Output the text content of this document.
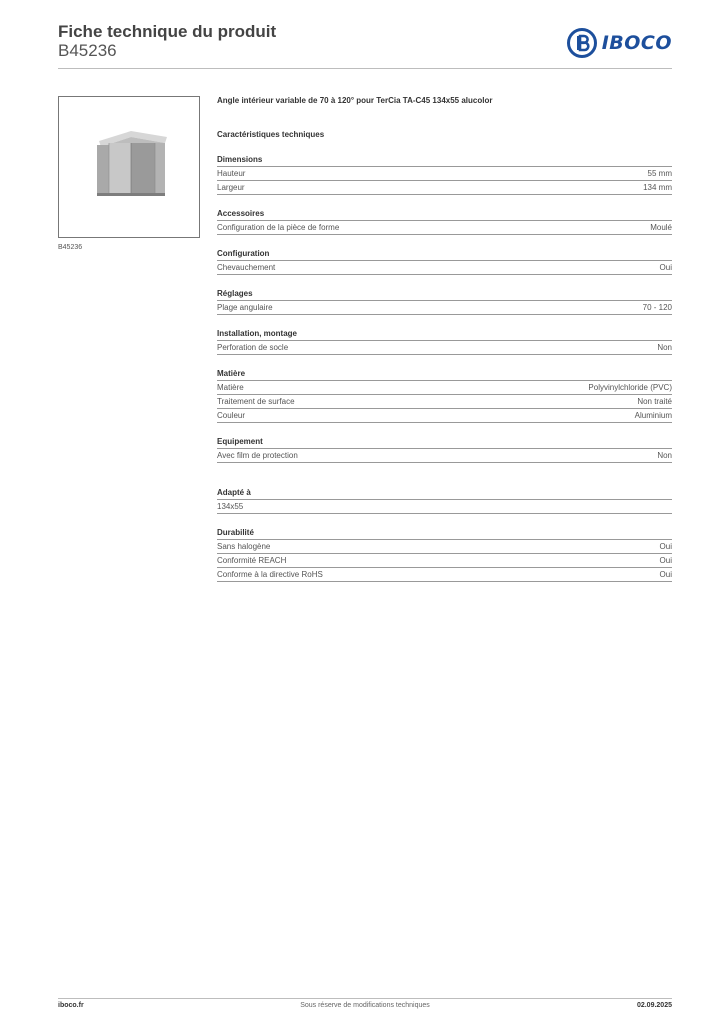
Fiche technique du produit

B45236	IBOCO
B45236
Angle intérieur variable de 70 à 120° pour TerCia TA-C45 134x55 alucolor
Caractéristiques techniques
Dimensions
Hauteur	55 mm
Largeur	134 mm
Accessoires
Configuration de la pièce de forme	Moulé
Configuration
Chevauchement	Oui
Réglages
Plage angulaire	70 - 120
Installation, montage
Perforation de socle	Non
Matière
Matière	Polyvinylchloride (PVC)
Traitement de surface	Non traité
Couleur	Aluminium
Equipement
Avec film de protection	Non
Adapté à
134x55
Durabilité
Sans halogène	Oui
Conformité REACH	Oui
Conforme à la directive RoHS	Oui
iboco.fr	Sous réserve de modifications techniques	02.09.2025
